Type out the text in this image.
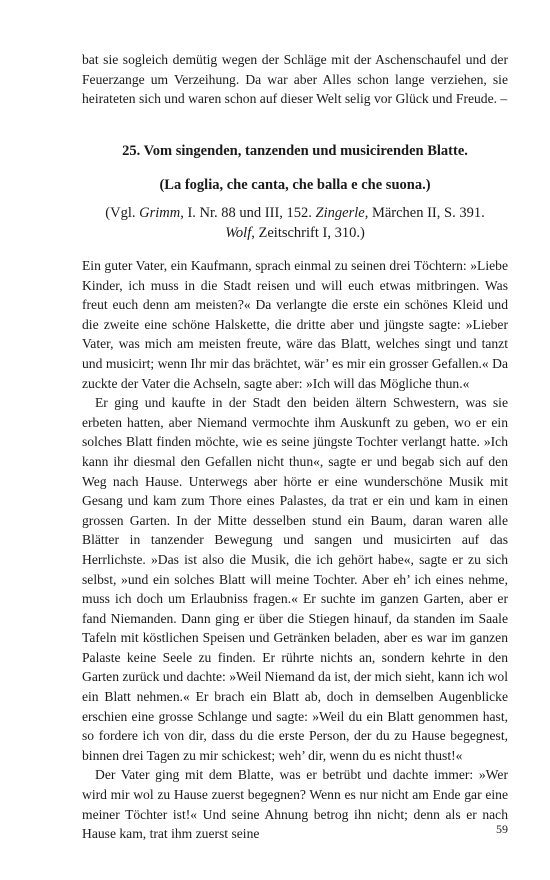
bat sie sogleich demütig wegen der Schläge mit der Aschenschaufel und der Feuerzange um Verzeihung. Da war aber Alles schon lange verziehen, sie heirateten sich und waren schon auf dieser Welt selig vor Glück und Freude. –

25. Vom singenden, tanzenden und musicirenden Blatte.

(La foglia, che canta, che balla e che suona.)

(Vgl. Grimm, I. Nr. 88 und III, 152. Zingerle, Märchen II, S. 391.
Wolf, Zeitschrift I, 310.)

Ein guter Vater, ein Kaufmann, sprach einmal zu seinen drei Töchtern: »Liebe Kinder, ich muss in die Stadt reisen und will euch etwas mitbringen. Was freut euch denn am meisten?« Da verlangte die erste ein schönes Kleid und die zweite eine schöne Halskette, die dritte aber und jüngste sagte: »Lieber Vater, was mich am meisten freute, wäre das Blatt, welches singt und tanzt und musicirt; wenn Ihr mir das brächtet, wär’ es mir ein grosser Gefallen.« Da zuckte der Vater die Achseln, sagte aber: »Ich will das Mögliche thun.«

Er ging und kaufte in der Stadt den beiden ältern Schwestern, was sie erbeten hatten, aber Niemand vermochte ihm Auskunft zu geben, wo er ein solches Blatt finden möchte, wie es seine jüngste Tochter verlangt hatte. »Ich kann ihr diesmal den Gefallen nicht thun«, sagte er und begab sich auf den Weg nach Hause. Unterwegs aber hörte er eine wunderschöne Musik mit Gesang und kam zum Thore eines Palastes, da trat er ein und kam in einen grossen Garten. In der Mitte desselben stund ein Baum, daran waren alle Blätter in tanzender Bewegung und sangen und musicirten auf das Herrlichste. »Das ist also die Musik, die ich gehört habe«, sagte er zu sich selbst, »und ein solches Blatt will meine Tochter. Aber eh’ ich eines nehme, muss ich doch um Erlaubniss fragen.« Er suchte im ganzen Garten, aber er fand Niemanden. Dann ging er über die Stiegen hinauf, da standen im Saale Tafeln mit köstlichen Speisen und Getränken beladen, aber es war im ganzen Palaste keine Seele zu finden. Er rührte nichts an, sondern kehrte in den Garten zurück und dachte: »Weil Niemand da ist, der mich sieht, kann ich wol ein Blatt nehmen.« Er brach ein Blatt ab, doch in demselben Augenblicke erschien eine grosse Schlange und sagte: »Weil du ein Blatt genommen hast, so fordere ich von dir, dass du die erste Person, der du zu Hause begegnest, binnen drei Tagen zu mir schickest; weh’ dir, wenn du es nicht thust!«

Der Vater ging mit dem Blatte, was er betrübt und dachte immer: »Wer wird mir wol zu Hause zuerst begegnen? Wenn es nur nicht am Ende gar eine meiner Töchter ist!« Und seine Ahnung betrog ihn nicht; denn als er nach Hause kam, trat ihm zuerst seine	59
